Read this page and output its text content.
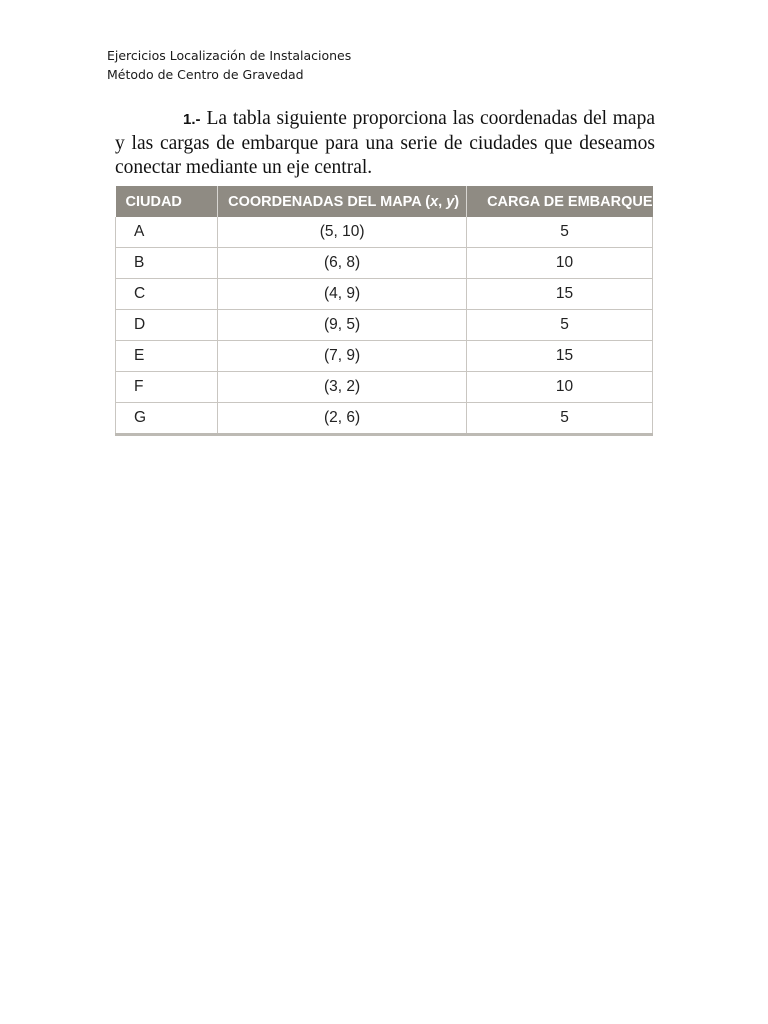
Ejercicios Localización de Instalaciones
Método de Centro de Gravedad
1.- La tabla siguiente proporciona las coordenadas del mapa
y las cargas de embarque para una serie de ciudades que deseamos
conectar mediante un eje central.
CIUDAD	COORDENADAS DEL MAPA (x, y)	CARGA DE EMBARQUE
A	(5, 10)	5
B	(6, 8)	10
C	(4, 9)	15
D	(9, 5)	5
E	(7, 9)	15
F	(3, 2)	10
G	(2, 6)	5
